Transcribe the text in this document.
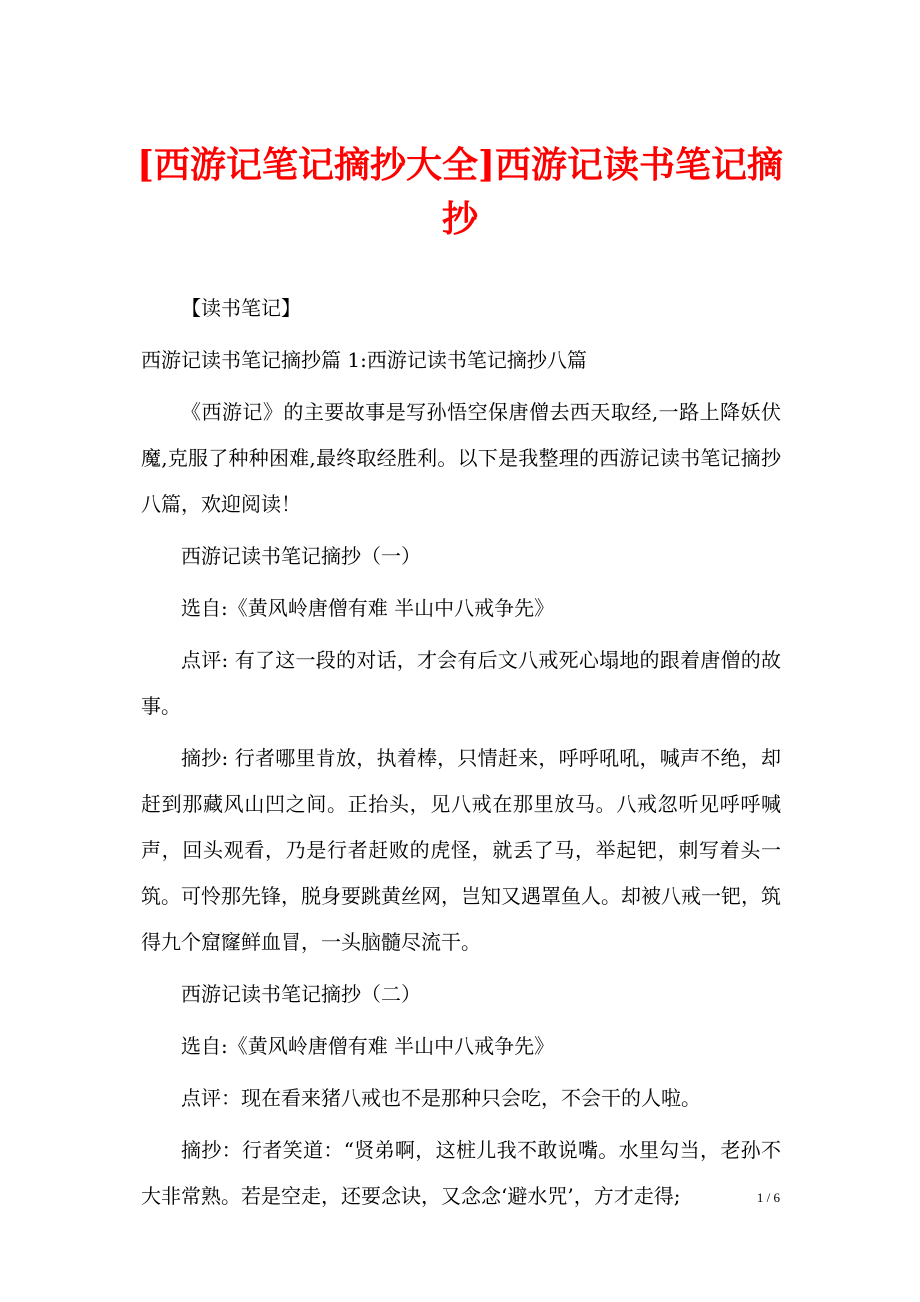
[西游记笔记摘抄大全]西游记读书笔记摘抄

【读书笔记】

西游记读书笔记摘抄篇 1:西游记读书笔记摘抄八篇

《西游记》的主要故事是写孙悟空保唐僧去西天取经,一路上降妖伏魔,克服了种种困难,最终取经胜利。以下是我整理的西游记读书笔记摘抄八篇，欢迎阅读！

西游记读书笔记摘抄（一）

选自:《黄风岭唐僧有难 半山中八戒争先》

点评: 有了这一段的对话，才会有后文八戒死心塌地的跟着唐僧的故事。

摘抄: 行者哪里肯放，执着棒，只情赶来，呼呼吼吼，喊声不绝，却赶到那藏风山凹之间。正抬头，见八戒在那里放马。八戒忽听见呼呼喊声，回头观看，乃是行者赶败的虎怪，就丢了马，举起钯，刺写着头一筑。可怜那先锋，脱身要跳黄丝网，岂知又遇罩鱼人。却被八戒一钯，筑得九个窟窿鲜血冒，一头脑髓尽流干。

西游记读书笔记摘抄（二）

选自:《黄风岭唐僧有难 半山中八戒争先》

点评：现在看来猪八戒也不是那种只会吃，不会干的人啦。

摘抄：行者笑道：“贤弟啊，这桩儿我不敢说嘴。水里勾当，老孙不大非常熟。若是空走，还要念诀，又念念‘避水咒’，方才走得;	1 / 6
